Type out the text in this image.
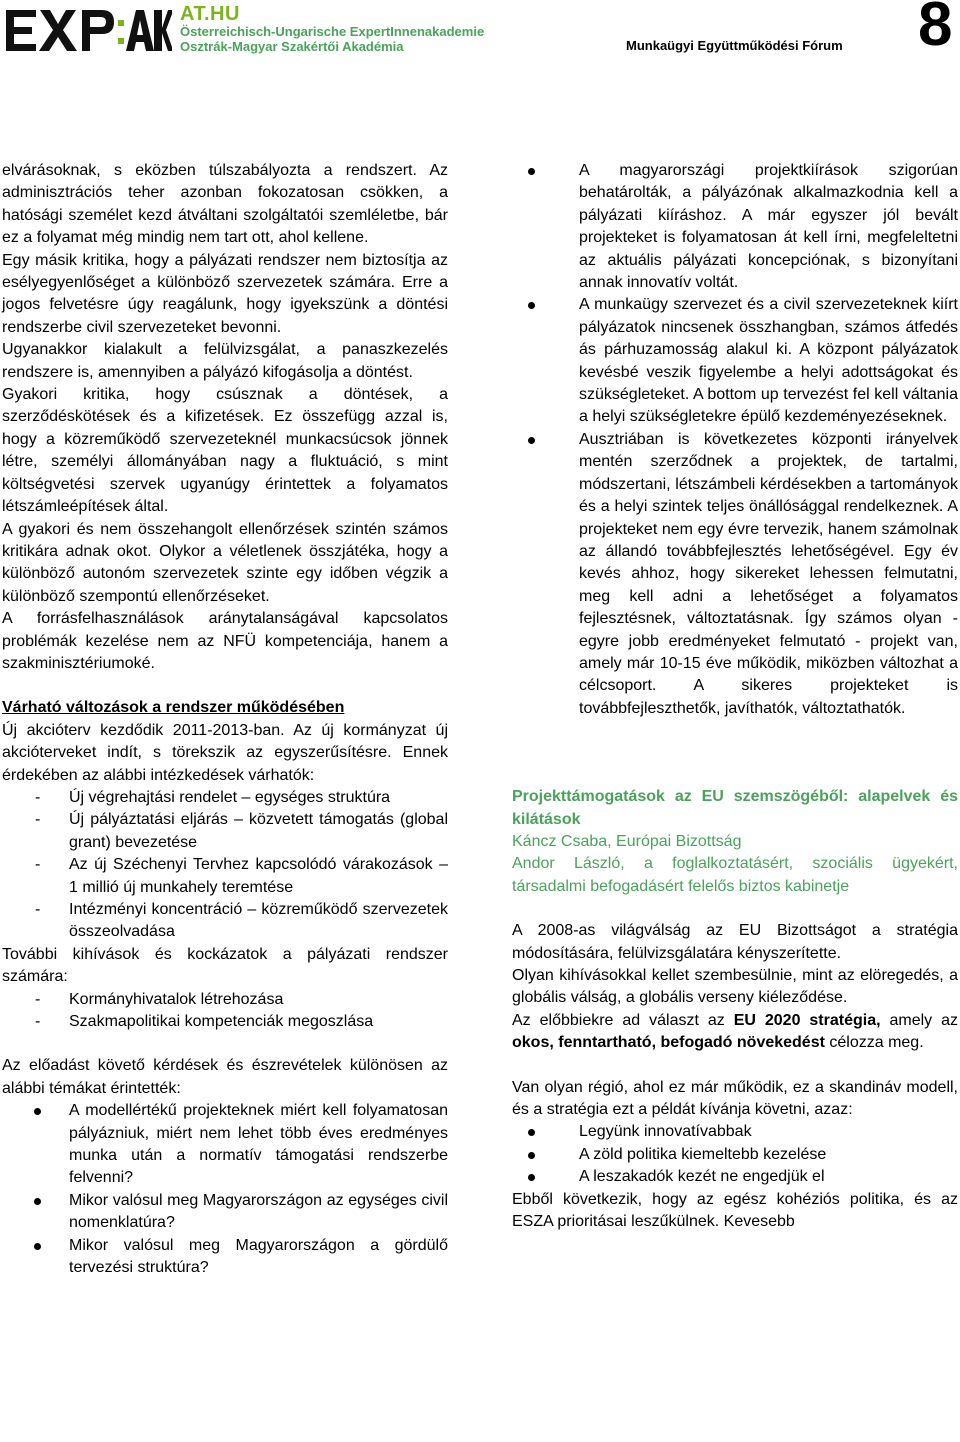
AT.HU
Österreichisch-Ungarische ExpertInnenakademie
Osztrák-Magyar Szakértői Akadémia	Munkaügyi Együttműködési Fórum 8

elvárásoknak, s eközben túlszabályozta a rendszert. Az adminisztrációs teher azonban fokozatosan csökken, a hatósági személet kezd átváltani szolgáltatói szemléletbe, bár ez a folyamat még mindig nem tart ott, ahol kellene.

Egy másik kritika, hogy a pályázati rendszer nem biztosítja az esélyegyenlőséget a különböző szervezetek számára. Erre a jogos felvetésre úgy reagálunk, hogy igyekszünk a döntési rendszerbe civil szervezeteket bevonni.

Ugyanakkor kialakult a felülvizsgálat, a panaszkezelés rendszere is, amennyiben a pályázó kifogásolja a döntést.

Gyakori kritika, hogy csúsznak a döntések, a szerződéskötések és a kifizetések. Ez összefügg azzal is, hogy a közreműködő szervezeteknél munkacsúcsok jönnek létre, személyi állományában nagy a fluktuáció, s mint költségvetési szervek ugyanúgy érintettek a folyamatos létszámleépítések által.

A gyakori és nem összehangolt ellenőrzések szintén számos kritikára adnak okot. Olykor a véletlenek összjátéka, hogy a különböző autonóm szervezetek szinte egy időben végzik a különböző szempontú ellenőrzéseket.

A forrásfelhasználások aránytalanságával kapcsolatos problémák kezelése nem az NFÜ kompetenciája, hanem a szakminisztériumoké.

Várható változások a rendszer működésében

Új akcióterv kezdődik 2011-2013-ban. Az új kormányzat új akcióterveket indít, s törekszik az egyszerűsítésre. Ennek érdekében az alábbi intézkedések várhatók:

- Új végrehajtási rendelet – egységes struktúra
- Új pályáztatási eljárás – közvetett támogatás (global grant) bevezetése
- Az új Széchenyi Tervhez kapcsolódó várakozások – 1 millió új munkahely teremtése
- Intézményi koncentráció – közreműködő szervezetek összeolvadása

További kihívások és kockázatok a pályázati rendszer számára:

- Kormányhivatalok létrehozása
- Szakmapolitikai kompetenciák megoszlása

Az előadást követő kérdések és észrevételek különösen az alábbi témákat érintették:

A modellértékű projekteknek miért kell folyamatosan pályázniuk, miért nem lehet több éves eredményes munka után a normatív támogatási rendszerbe felvenni?
Mikor valósul meg Magyarországon az egységes civil nomenklatúra?
Mikor valósul meg Magyarországon a gördülő tervezési struktúra?
A magyarországi projektkiírások szigorúan behatárolták, a pályázónak alkalmazkodnia kell a pályázati kiíráshoz. A már egyszer jól bevált projekteket is folyamatosan át kell írni, megfeleltetni az aktuális pályázati koncepciónak, s bizonyítani annak innovatív voltát.
A munkaügy szervezet és a civil szervezeteknek kiírt pályázatok nincsenek összhangban, számos átfedés ás párhuzamosság alakul ki. A központ pályázatok kevésbé veszik figyelembe a helyi adottságokat és szükségleteket. A bottom up tervezést fel kell váltania a helyi szükségletekre épülő kezdeményezéseknek.
Ausztriában is következetes központi irányelvek mentén szerződnek a projektek, de tartalmi, módszertani, létszámbeli kérdésekben a tartományok és a helyi szintek teljes önállósággal rendelkeznek. A projekteket nem egy évre tervezik, hanem számolnak az állandó továbbfejlesztés lehetőségével. Egy év kevés ahhoz, hogy sikereket lehessen felmutatni, meg kell adni a lehetőséget a folyamatos fejlesztésnek, változtatásnak. Így számos olyan - egyre jobb eredményeket felmutató - projekt van, amely már 10-15 éve működik, miközben változhat a célcsoport. A sikeres projekteket is továbbfejleszthetők, javíthatók, változtathatók.

Projekttámogatások az EU szemszögéből: alapelvek és kilátások

Káncz Csaba, Európai Bizottság

Andor László, a foglalkoztatásért, szociális ügyekért, társadalmi befogadásért felelős biztos kabinetje

A 2008-as világválság az EU Bizottságot a stratégia módosítására, felülvizsgálatára kényszerítette.

Olyan kihívásokkal kellet szembesülnie, mint az elöregedés, a globális válság, a globális verseny kiéleződése.

Az előbbiekre ad választ az EU 2020 stratégia, amely az okos, fenntartható, befogadó növekedést célozza meg.

Van olyan régió, ahol ez már működik, ez a skandináv modell, és a stratégia ezt a példát kívánja követni, azaz:

Legyünk innovatívabbak
A zöld politika kiemeltebb kezelése
A leszakadók kezét ne engedjük el

Ebből következik, hogy az egész kohéziós politika, és az ESZA prioritásai leszűkülnek. Kevesebb
